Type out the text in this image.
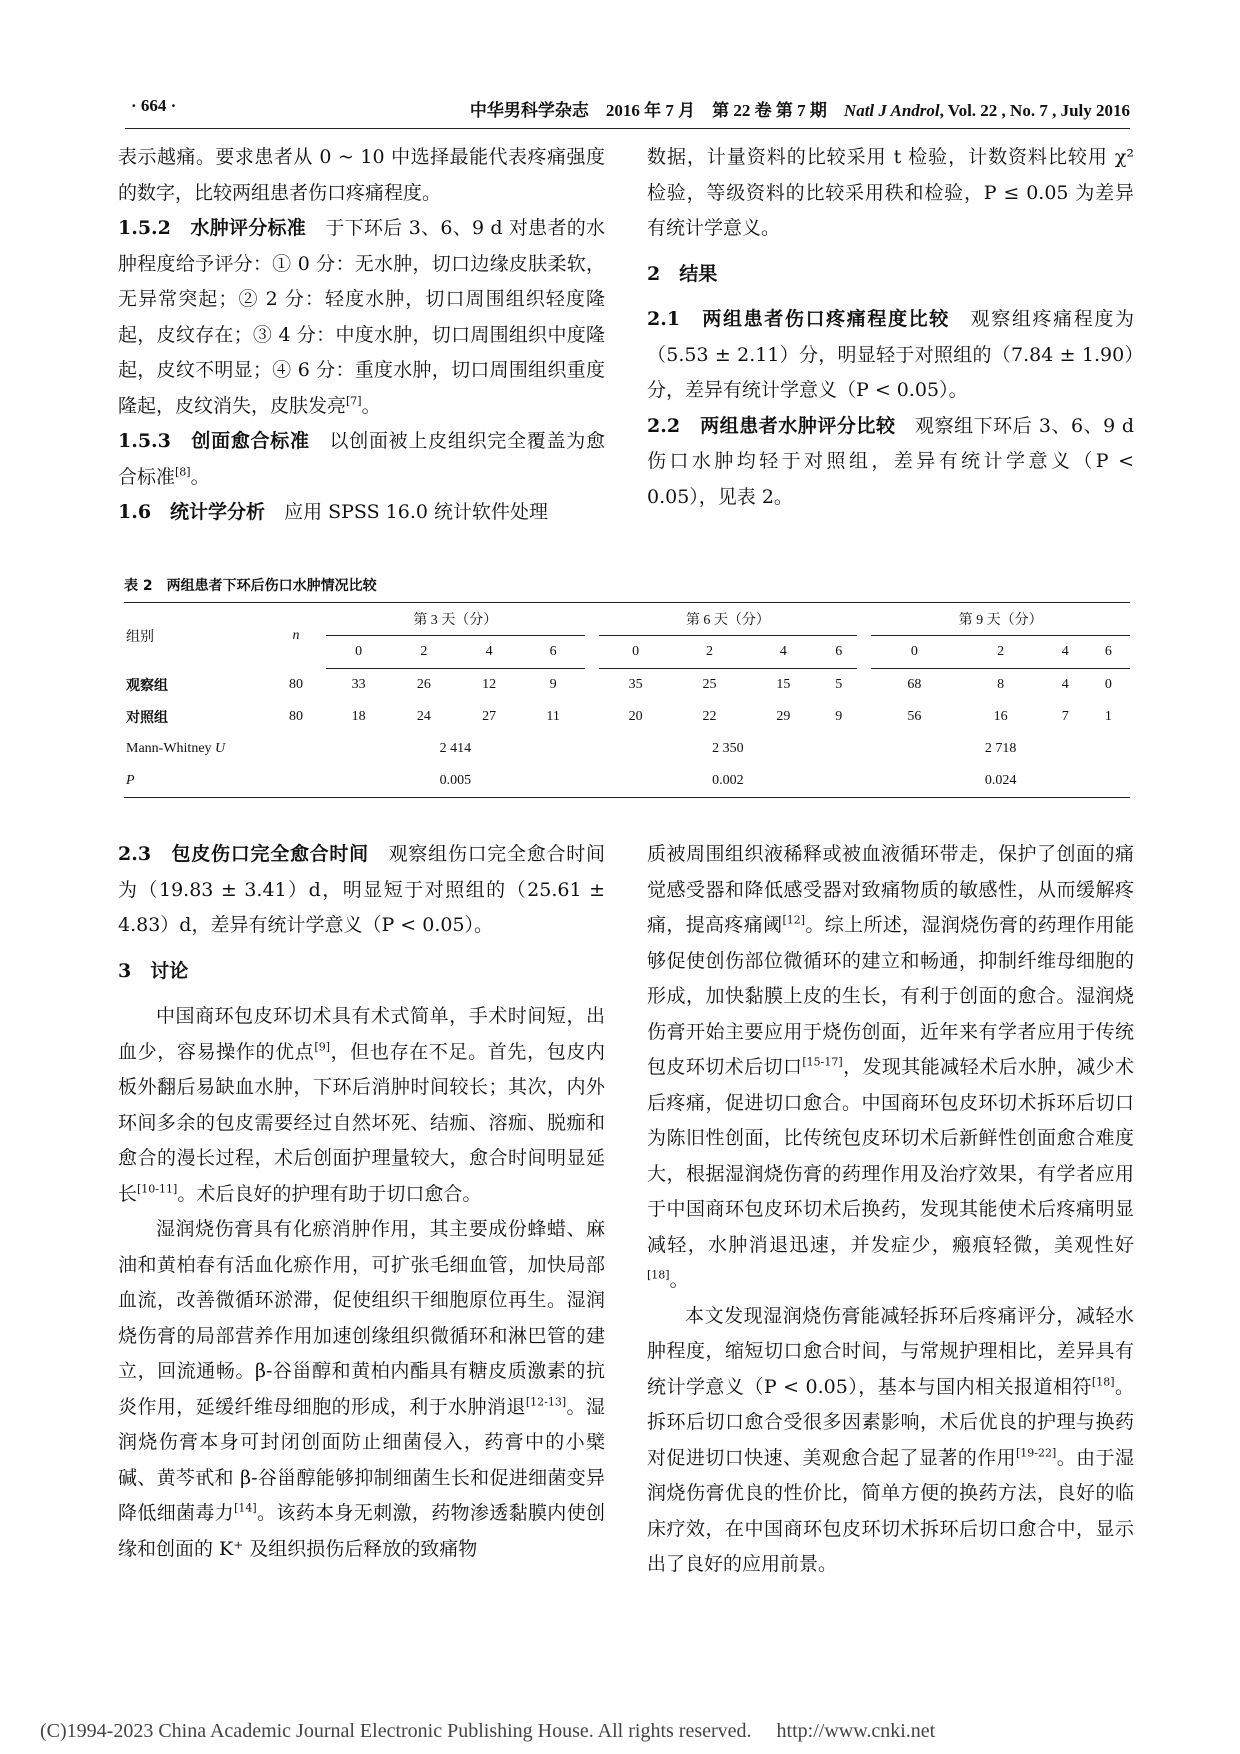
· 664 ·	中华男科学杂志　2016 年 7 月　第 22 卷 第 7 期　 Natl J Androl, Vol. 22 , No. 7 , July 2016

表示越痛。要求患者从 0 ~ 10 中选择最能代表疼痛强度的数字，比较两组患者伤口疼痛程度。

1.5.2　水肿评分标准　于下环后 3、6、9 d 对患者的水肿程度给予评分：① 0 分：无水肿，切口边缘皮肤柔软，无异常突起；② 2 分：轻度水肿，切口周围组织轻度隆起，皮纹存在；③ 4 分：中度水肿，切口周围组织中度隆起，皮纹不明显；④ 6 分：重度水肿，切口周围组织重度隆起，皮纹消失，皮肤发亮[7]。

1.5.3　创面愈合标准　以创面被上皮组织完全覆盖为愈合标准[8]。

1.6　统计学分析　应用 SPSS 16.0 统计软件处理

数据，计量资料的比较采用 t 检验，计数资料比较用 χ² 检验，等级资料的比较采用秩和检验，P ≤ 0.05 为差异有统计学意义。

2　结果

2.1　两组患者伤口疼痛程度比较　观察组疼痛程度为（5.53 ± 2.11）分，明显轻于对照组的（7.84 ± 1.90）分，差异有统计学意义（P < 0.05）。

2.2　两组患者水肿评分比较　观察组下环后 3、6、9 d 伤口水肿均轻于对照组，差异有统计学意义（P < 0.05），见表 2。

表 2　两组患者下环后伤口水肿情况比较
组别	n	第 3 天（分）					第 6 天（分）					第 9 天（分）			
		0	2	4	6		0	2	4	6		0	2	4	6
观察组	80	33	26	12	9		35	25	15	5		68	8	4	0
对照组	80	18	24	27	11		20	22	29	9		56	16	7	1
Mann-Whitney U		2 414					2 350					2 718			
P		0.005					0.002					0.024			

2.3　包皮伤口完全愈合时间　观察组伤口完全愈合时间为（19.83 ± 3.41）d，明显短于对照组的（25.61 ± 4.83）d，差异有统计学意义（P < 0.05）。

3　讨论

中国商环包皮环切术具有术式简单，手术时间短，出血少，容易操作的优点[9]，但也存在不足。首先，包皮内板外翻后易缺血水肿，下环后消肿时间较长；其次，内外环间多余的包皮需要经过自然坏死、结痂、溶痂、脱痂和愈合的漫长过程，术后创面护理量较大，愈合时间明显延长[10-11]。术后良好的护理有助于切口愈合。

湿润烧伤膏具有化瘀消肿作用，其主要成份蜂蜡、麻油和黄柏春有活血化瘀作用，可扩张毛细血管，加快局部血流，改善微循环淤滞，促使组织干细胞原位再生。湿润烧伤膏的局部营养作用加速创缘组织微循环和淋巴管的建立，回流通畅。β-谷甾醇和黄柏内酯具有糖皮质激素的抗炎作用，延缓纤维母细胞的形成，利于水肿消退[12-13]。湿润烧伤膏本身可封闭创面防止细菌侵入，药膏中的小檗碱、黄芩甙和 β-谷甾醇能够抑制细菌生长和促进细菌变异降低细菌毒力[14]。该药本身无刺激，药物渗透黏膜内使创缘和创面的 K⁺ 及组织损伤后释放的致痛物

质被周围组织液稀释或被血液循环带走，保护了创面的痛觉感受器和降低感受器对致痛物质的敏感性，从而缓解疼痛，提高疼痛阈[12]。综上所述，湿润烧伤膏的药理作用能够促使创伤部位微循环的建立和畅通，抑制纤维母细胞的形成，加快黏膜上皮的生长，有利于创面的愈合。湿润烧伤膏开始主要应用于烧伤创面，近年来有学者应用于传统包皮环切术后切口[15-17]，发现其能减轻术后水肿，减少术后疼痛，促进切口愈合。中国商环包皮环切术拆环后切口为陈旧性创面，比传统包皮环切术后新鲜性创面愈合难度大，根据湿润烧伤膏的药理作用及治疗效果，有学者应用于中国商环包皮环切术后换药，发现其能使术后疼痛明显减轻，水肿消退迅速，并发症少，瘢痕轻微，美观性好[18]。

本文发现湿润烧伤膏能减轻拆环后疼痛评分，减轻水肿程度，缩短切口愈合时间，与常规护理相比，差异具有统计学意义（P < 0.05），基本与国内相关报道相符[18]。拆环后切口愈合受很多因素影响，术后优良的护理与换药对促进切口快速、美观愈合起了显著的作用[19-22]。由于湿润烧伤膏优良的性价比，简单方便的换药方法，良好的临床疗效，在中国商环包皮环切术拆环后切口愈合中，显示出了良好的应用前景。

(C)1994-2023 China Academic Journal Electronic Publishing House. All rights reserved.　 http://www.cnki.net
